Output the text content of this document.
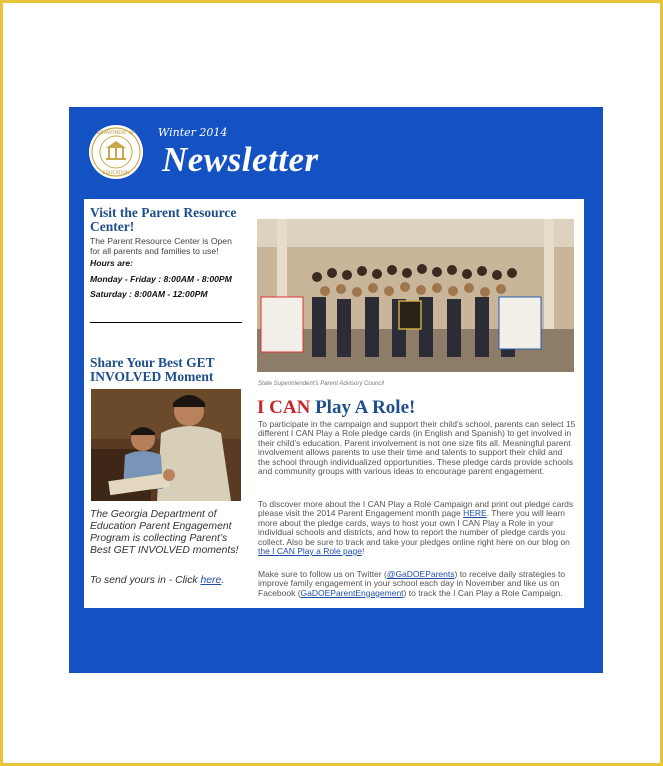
DEPARTMENT OF
EDUCATION
Winter 2014
Newsletter
Visit the Parent Resource Center!

The Parent Resource Center is Open for all parents and families to use!

Hours are:

Monday - Friday : 8:00AM - 8:00PM

Saturday : 8:00AM - 12:00PM

Share Your Best GET INVOLVED Moment
The Georgia Department of Education Parent Engagement Program is collecting Parent’s Best GET INVOLVED moments!
To send yours in - Click here.
State Superintendent's Parent Advisory Council
I CAN Play A Role!
To participate in the campaign and support their child’s school, parents can select 15 different I CAN Play a Role pledge cards (in English and Spanish) to get involved in their child’s education. Parent involvement is not one size fits all. Meaningful parent involvement allows parents to use their time and talents to support their child and the school through individualized opportunities. These pledge cards provide schools and community groups with various ideas to encourage parent engagement.
To discover more about the I CAN Play a Role Campaign and print out pledge cards please visit the 2014 Parent Engagement month page HERE. There you will learn more about the pledge cards, ways to host your own I CAN Play a Role in your individual schools and districts, and how to report the number of pledge cards you collect. Also be sure to track and take your pledges online right here on our blog on the I CAN Play a Role page!
Make sure to follow us on Twitter (@GaDOEParents) to receive daily strategies to improve family engagement in your school each day in November and like us on Facebook (GaDOEParentEngagement) to track the I Can Play a Role Campaign.
